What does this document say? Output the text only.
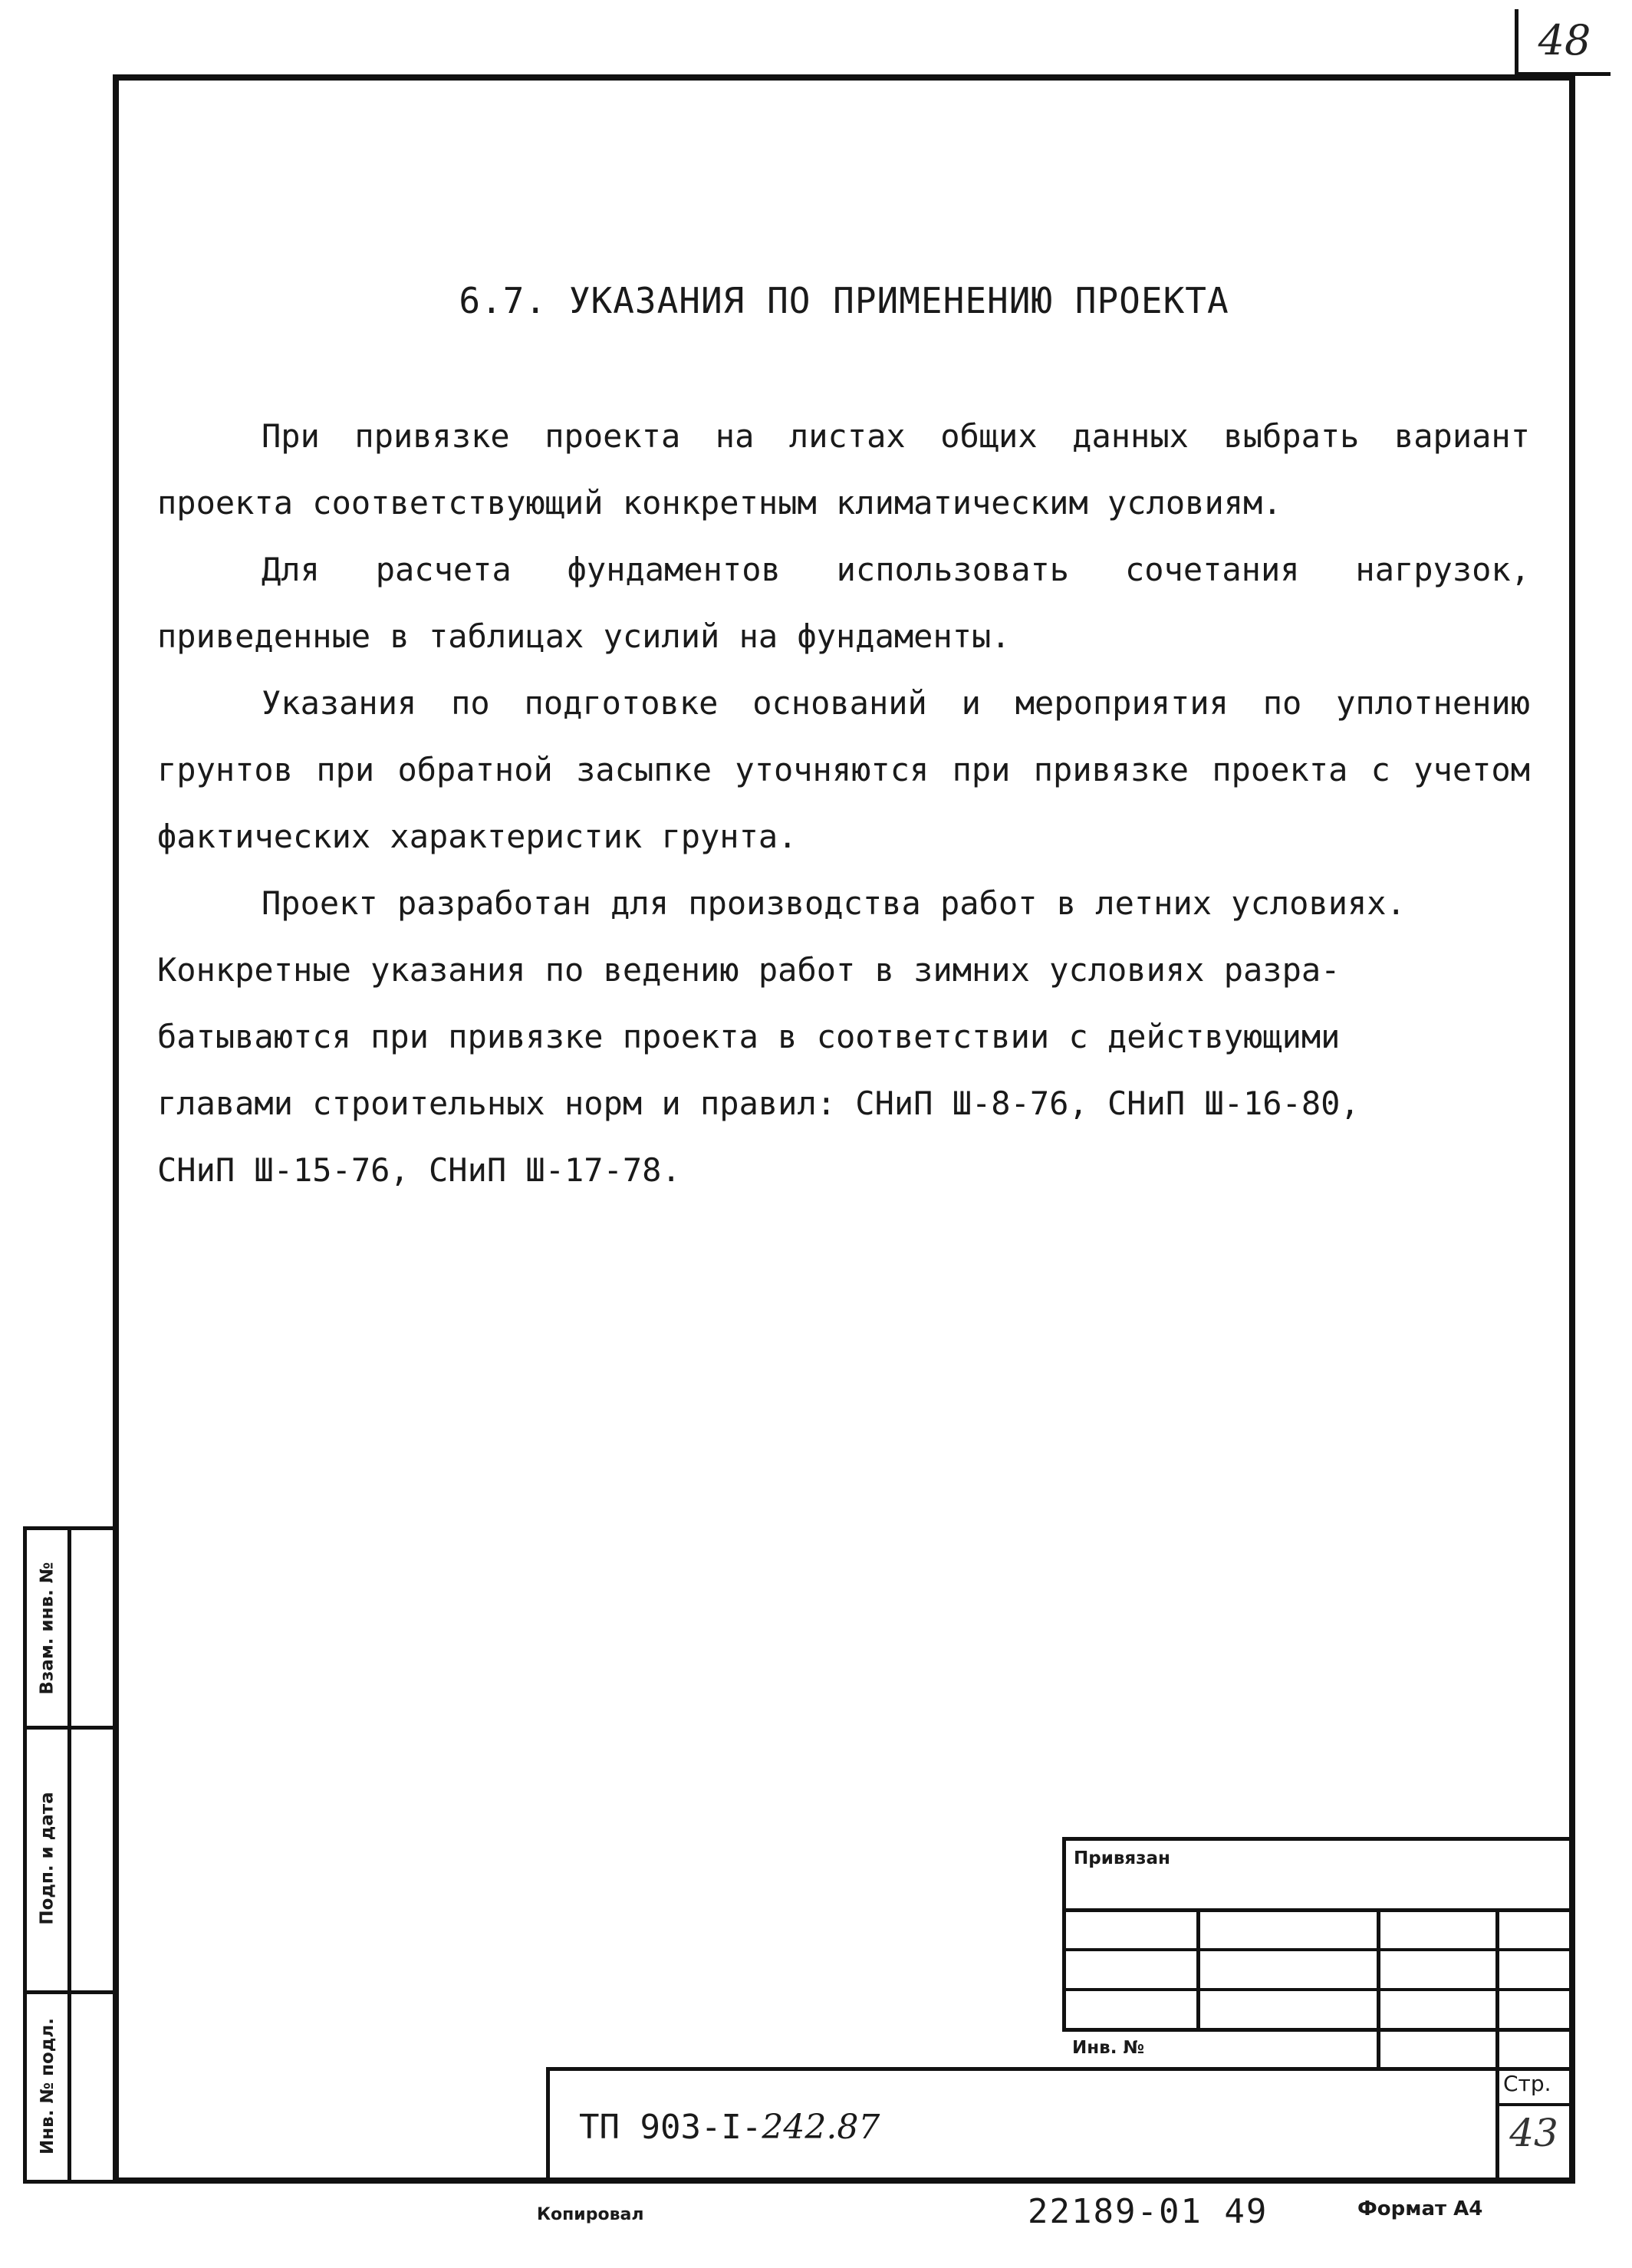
48
6.7. УКАЗАНИЯ ПО ПРИМЕНЕНИЮ ПРОЕКТА

При привязке проекта на листах общих данных выбрать вариант проекта соответствующий конкретным климатическим условиям.

Для расчета фундаментов использовать сочетания нагрузок, приведенные в таблицах усилий на фундаменты.

Указания по подготовке оснований и мероприятия по уплотнению грунтов при обратной засыпке уточняются при привязке проекта с учетом фактических характеристик грунта.

Проект разработан для производства работ в летних условиях.

Конкретные указания по ведению работ в зимних условиях разра-
батываются при привязке проекта в соответствии с действующими
главами строительных норм и правил: СНиП Ш-8-76, СНиП Ш-16-80,
СНиП Ш-15-76, СНиП Ш-17-78.

Взам. инв. №
Подп. и дата
Инв. № подл.
Привязан
Инв. №
Стр.
43
ТП 903-I-242.87
Копировал	22189-01 49	Формат А4
